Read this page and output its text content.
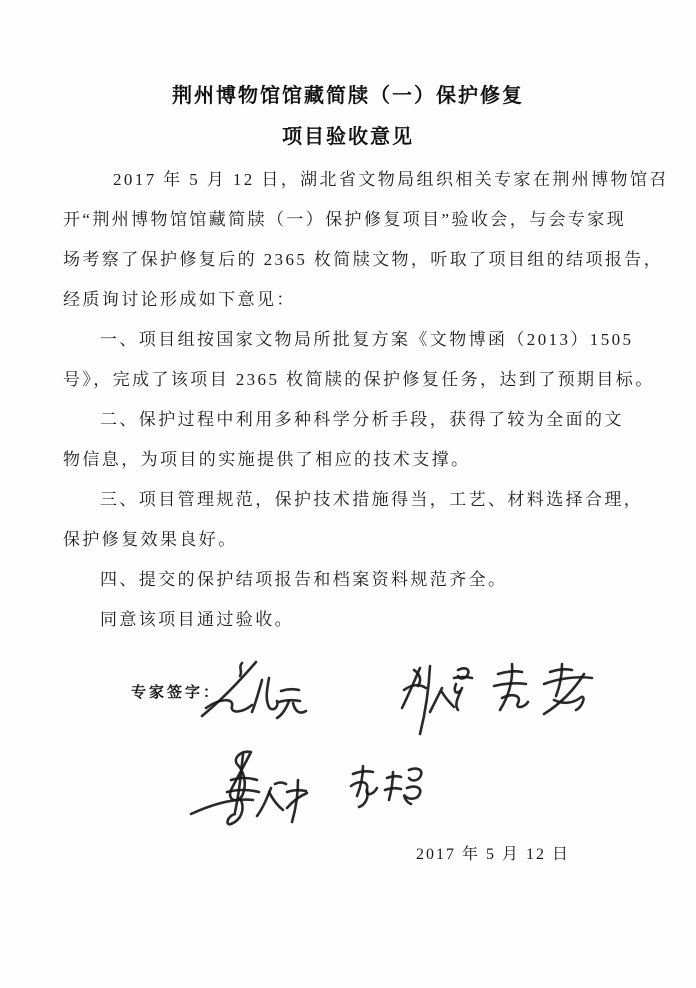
荆州博物馆馆藏简牍（一）保护修复
项目验收意见
2017 年 5 月 12 日，湖北省文物局组织相关专家在荆州博物馆召
开“荆州博物馆馆藏简牍（一）保护修复项目”验收会，与会专家现
场考察了保护修复后的 2365 枚简牍文物，听取了项目组的结项报告，
经质询讨论形成如下意见：
一、项目组按国家文物局所批复方案《文物博函（2013）1505
号》，完成了该项目 2365 枚简牍的保护修复任务，达到了预期目标。
二、保护过程中利用多种科学分析手段，获得了较为全面的文
物信息，为项目的实施提供了相应的技术支撑。
三、项目管理规范，保护技术措施得当，工艺、材料选择合理，
保护修复效果良好。
四、提交的保护结项报告和档案资料规范齐全。
同意该项目通过验收。
专家签字：
2017 年 5 月 12 日
